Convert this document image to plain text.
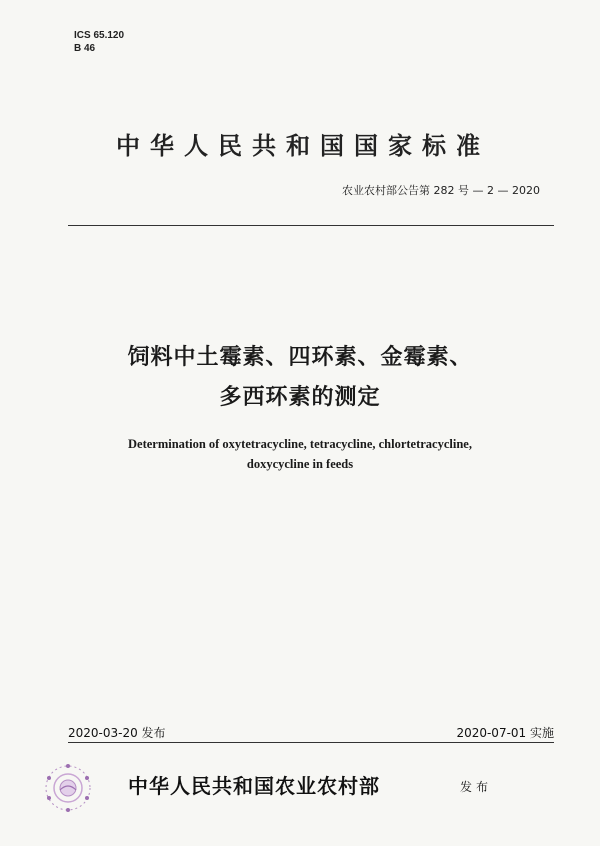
ICS 65.120
B 46
中华人民共和国国家标准
农业农村部公告第 282 号 — 2 — 2020
饲料中土霉素、四环素、金霉素、
多西环素的测定
Determination of oxytetracycline, tetracycline, chlortetracycline,
doxycycline in feeds
2020-03-20 发布	2020-07-01 实施
中华人民共和国农业农村部	发布
